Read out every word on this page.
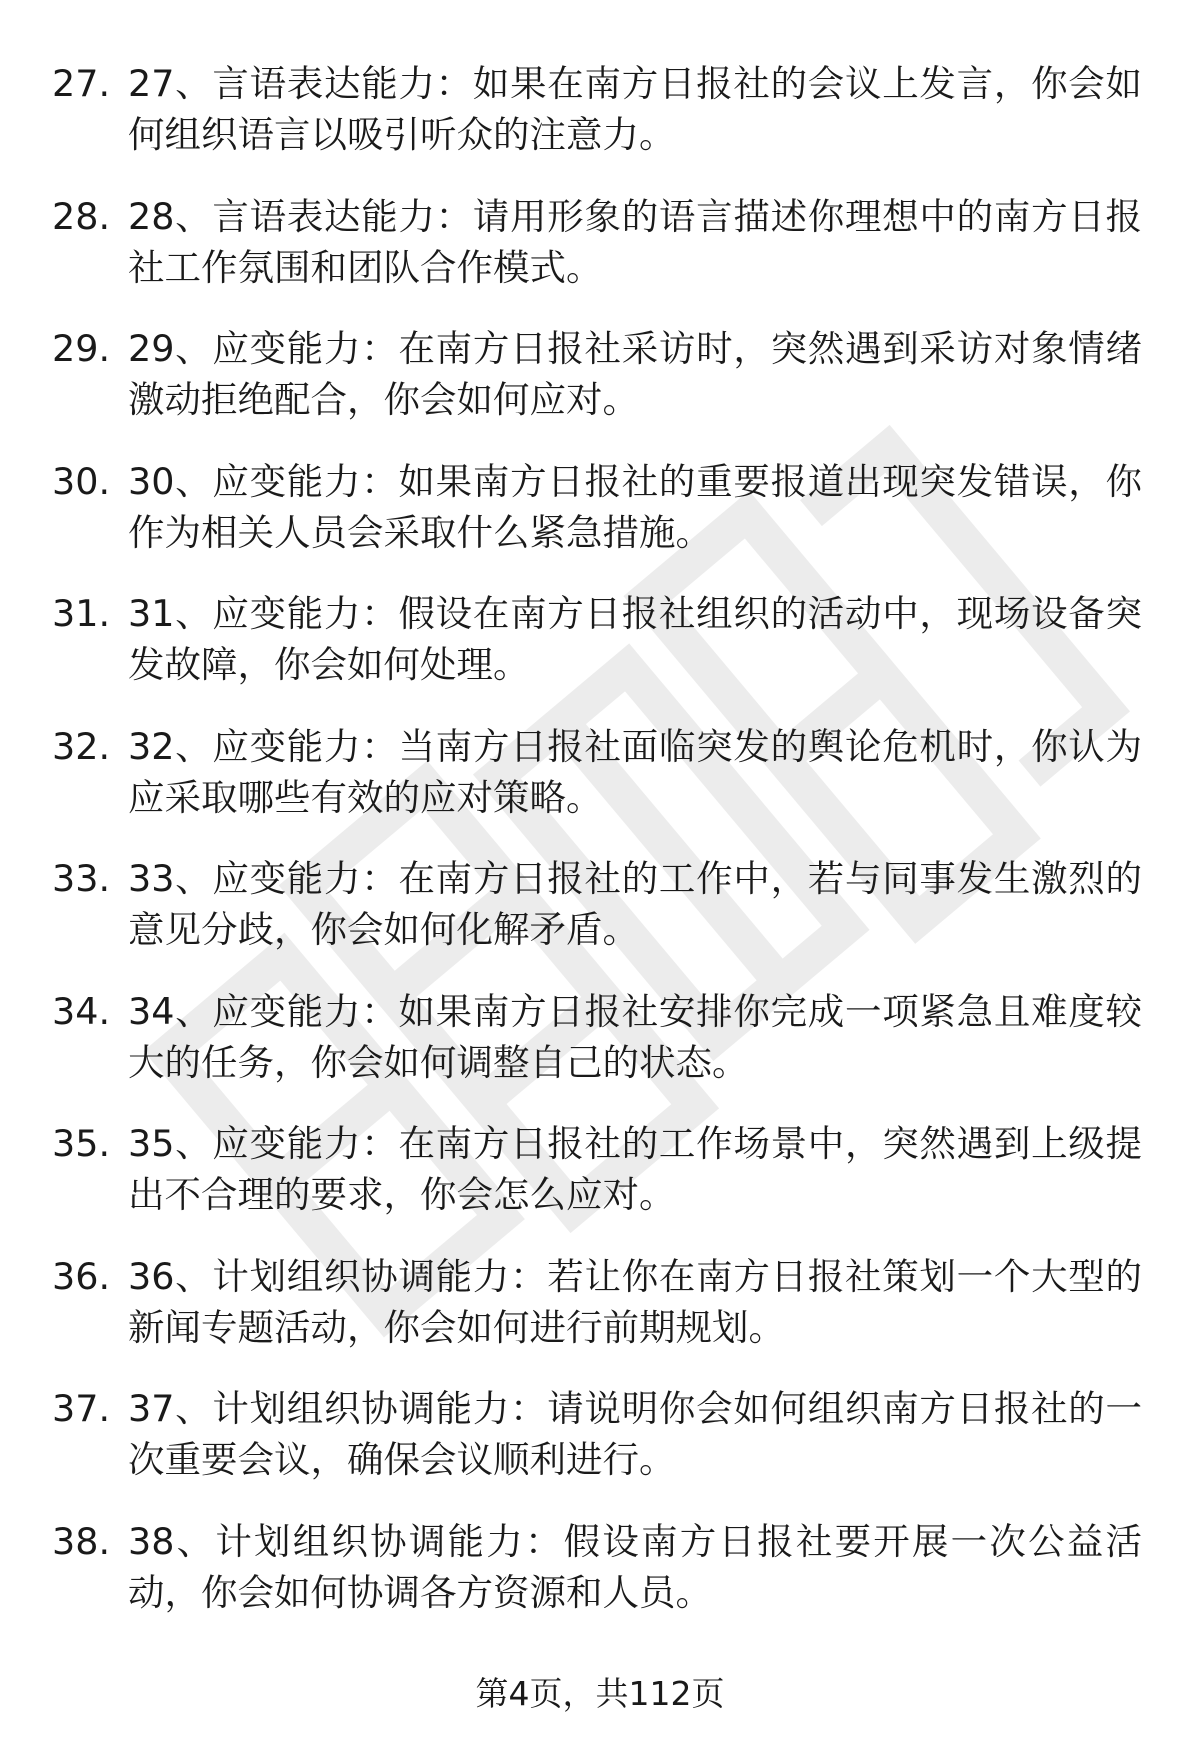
27. 27、言语表达能力：如果在南方日报社的会议上发言，你会如何组织语言以吸引听众的注意力。
28. 28、言语表达能力：请用形象的语言描述你理想中的南方日报社工作氛围和团队合作模式。
29. 29、应变能力：在南方日报社采访时，突然遇到采访对象情绪激动拒绝配合，你会如何应对。
30. 30、应变能力：如果南方日报社的重要报道出现突发错误，你作为相关人员会采取什么紧急措施。
31. 31、应变能力：假设在南方日报社组织的活动中，现场设备突发故障，你会如何处理。
32. 32、应变能力：当南方日报社面临突发的舆论危机时，你认为应采取哪些有效的应对策略。
33. 33、应变能力：在南方日报社的工作中，若与同事发生激烈的意见分歧，你会如何化解矛盾。
34. 34、应变能力：如果南方日报社安排你完成一项紧急且难度较大的任务，你会如何调整自己的状态。
35. 35、应变能力：在南方日报社的工作场景中，突然遇到上级提出不合理的要求，你会怎么应对。
36. 36、计划组织协调能力：若让你在南方日报社策划一个大型的新闻专题活动，你会如何进行前期规划。
37. 37、计划组织协调能力：请说明你会如何组织南方日报社的一次重要会议，确保会议顺利进行。
38. 38、计划组织协调能力：假设南方日报社要开展一次公益活动，你会如何协调各方资源和人员。
第4页，共112页
